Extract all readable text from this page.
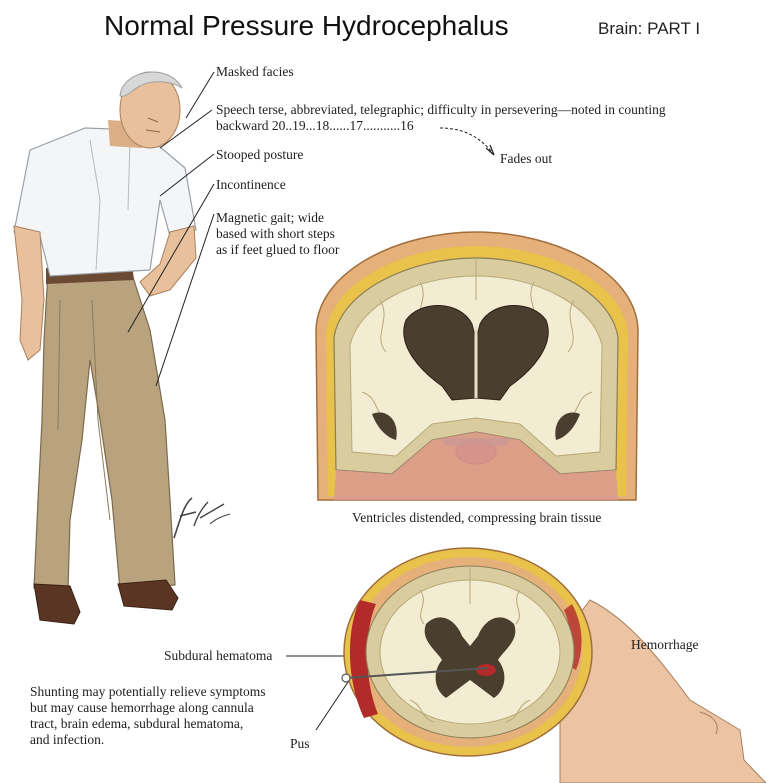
Normal Pressure Hydrocephalus	Brain: PART I
Masked facies
Speech terse, abbreviated, telegraphic; difficulty in persevering—noted in counting
backward 20..19...18......17...........16
Fades out
Stooped posture
Incontinence
Magnetic gait; wide
based with short steps
as if feet glued to floor
Ventricles distended, compressing brain tissue
Subdural hematoma
Hemorrhage
Pus
Shunting may potentially relieve symptoms
but may cause hemorrhage along cannula
tract, brain edema, subdural hematoma,
and infection.
